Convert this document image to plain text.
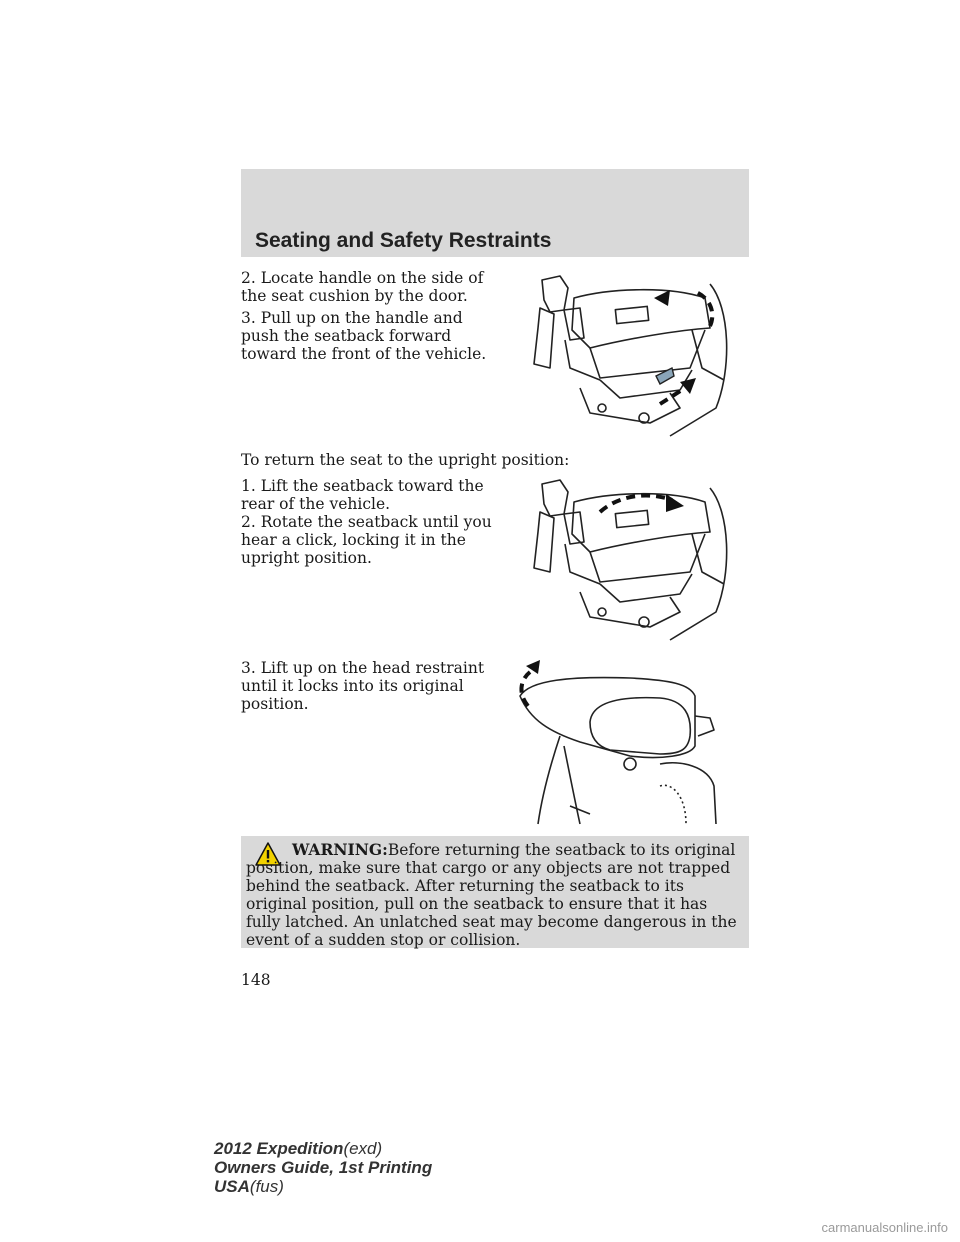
Seating and Safety Restraints

2. Locate handle on the side of the seat cushion by the door.

3. Pull up on the handle and push the seatback forward toward the front of the vehicle.

To return the seat to the upright position:

1. Lift the seatback toward the rear of the vehicle.

2. Rotate the seatback until you hear a click, locking it in the upright position.

3. Lift up on the head restraint until it locks into its original position.

WARNING:Before returning the seatback to its original position, make sure that cargo or any objects are not trapped behind the seatback. After returning the seatback to its original position, pull on the seatback to ensure that it has fully latched. An unlatched seat may become dangerous in the event of a sudden stop or collision.

148
2012 Expedition(exd)
Owners Guide, 1st Printing
USA(fus)
carmanualsonline.info
